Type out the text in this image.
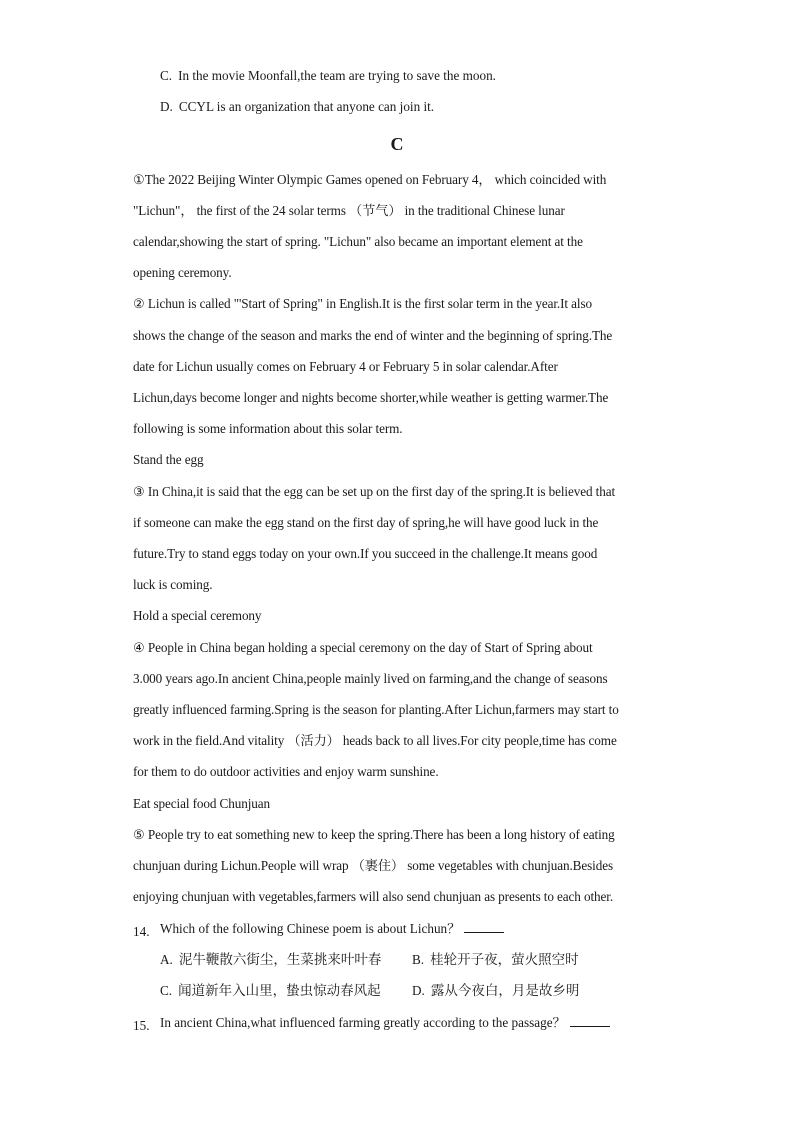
C. In the movie Moonfall,the team are trying to save the moon.
D. CCYL is an organization that anyone can join it.
C
①The 2022 Beijing Winter Olympic Games opened on February 4， which coincided with
"Lichun"， the first of the 24 solar terms （节气） in the traditional Chinese lunar
calendar,showing the start of spring. "Lichun" also became an important element at the
opening ceremony.
② Lichun is called "'Start of Spring" in English.It is the first solar term in the year.It also
shows the change of the season and marks the end of winter and the beginning of spring.The
date for Lichun usually comes on February 4 or February 5 in solar calendar.After
Lichun,days become longer and nights become shorter,while weather is getting warmer.The
following is some information about this solar term.
Stand the egg
③ In China,it is said that the egg can be set up on the first day of the spring.It is believed that
if someone can make the egg stand on the first day of spring,he will have good luck in the
future.Try to stand eggs today on your own.If you succeed in the challenge.It means good
luck is coming.
Hold a special ceremony
④ People in China began holding a special ceremony on the day of Start of Spring about
3.000 years ago.In ancient China,people mainly lived on farming,and the change of seasons
greatly influenced farming.Spring is the season for planting.After Lichun,farmers may start to
work in the field.And vitality （活力） heads back to all lives.For city people,time has come
for them to do outdoor activities and enjoy warm sunshine.
Eat special food Chunjuan
⑤ People try to eat something new to keep the spring.There has been a long history of eating
chunjuan during Lichun.People will wrap （裹住） some vegetables with chunjuan.Besides
enjoying chunjuan with vegetables,farmers will also send chunjuan as presents to each other.
14. Which of the following Chinese poem is about Lichun？
A. 泥牛鞭散六街尘，生菜挑来叶叶春 B. 桂轮开子夜，萤火照空时
C. 闻道新年入山里，蛰虫惊动春风起 D. 露从今夜白，月是故乡明
15. In ancient China,what influenced farming greatly according to the passage？
